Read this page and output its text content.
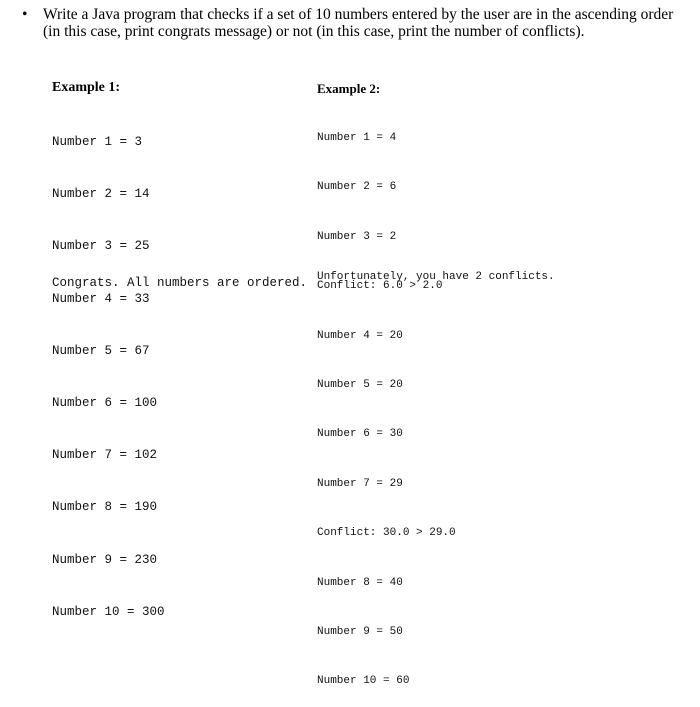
• Write a Java program that checks if a set of 10 numbers entered by the user are in the ascending order
(in this case, print congrats message) or not (in this case, print the number of conflicts).
Example 1:

Number 1 = 3

Number 2 = 14

Number 3 = 25

Number 4 = 33

Number 5 = 67

Number 6 = 100

Number 7 = 102

Number 8 = 190

Number 9 = 230

Number 10 = 300

Congrats. All numbers are ordered.
Example 2:

Number 1 = 4

Number 2 = 6

Number 3 = 2

Conflict: 6.0 > 2.0

Number 4 = 20

Number 5 = 20

Number 6 = 30

Number 7 = 29

Conflict: 30.0 > 29.0

Number 8 = 40

Number 9 = 50

Number 10 = 60

Unfortunately, you have 2 conflicts.
